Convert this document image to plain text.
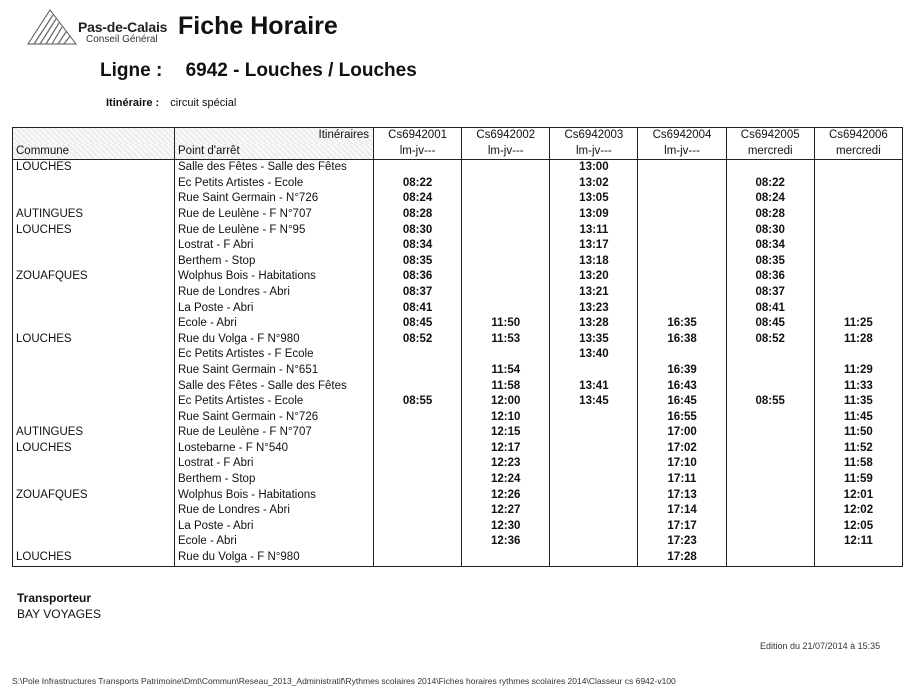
Pas-de-Calais
Conseil Général Fiche Horaire
Ligne : 6942 - Louches / Louches
Itinéraire : circuit spécial
	Itinéraires	Cs6942001	Cs6942002	Cs6942003	Cs6942004	Cs6942005	Cs6942006
Commune	Point d'arrêt	lm-jv---	lm-jv---	lm-jv---	lm-jv---	mercredi	mercredi
LOUCHES	Salle des Fêtes - Salle des Fêtes			13:00			
	Ec Petits Artistes - Ecole	08:22		13:02		08:22	
	Rue Saint Germain - N°726	08:24		13:05		08:24	
AUTINGUES	Rue de Leulène - F N°707	08:28		13:09		08:28	
LOUCHES	Rue de Leulène - F N°95	08:30		13:11		08:30	
	Lostrat - F Abri	08:34		13:17		08:34	
	Berthem - Stop	08:35		13:18		08:35	
ZOUAFQUES	Wolphus Bois - Habitations	08:36		13:20		08:36	
	Rue de Londres - Abri	08:37		13:21		08:37	
	La Poste - Abri	08:41		13:23		08:41	
	Ecole - Abri	08:45	11:50	13:28	16:35	08:45	11:25
LOUCHES	Rue du Volga - F N°980	08:52	11:53	13:35	16:38	08:52	11:28
	Ec Petits Artistes - F Ecole			13:40			
	Rue Saint Germain - N°651		11:54		16:39		11:29
	Salle des Fêtes - Salle des Fêtes		11:58	13:41	16:43		11:33
	Ec Petits Artistes - Ecole	08:55	12:00	13:45	16:45	08:55	11:35
	Rue Saint Germain - N°726		12:10		16:55		11:45
AUTINGUES	Rue de Leulène - F N°707		12:15		17:00		11:50
LOUCHES	Lostebarne - F N°540		12:17		17:02		11:52
	Lostrat - F Abri		12:23		17:10		11:58
	Berthem - Stop		12:24		17:11		11:59
ZOUAFQUES	Wolphus Bois - Habitations		12:26		17:13		12:01
	Rue de Londres - Abri		12:27		17:14		12:02
	La Poste - Abri		12:30		17:17		12:05
	Ecole - Abri		12:36		17:23		12:11
LOUCHES	Rue du Volga - F N°980				17:28		
Transporteur
BAY VOYAGES
Edition du 21/07/2014 à 15:35
S:\Pole Infrastructures Transports Patrimoine\Dmt\Commun\Reseau_2013_Administratif\Rythmes scolaires 2014\Fiches horaires rythmes scolaires 2014\Classeur cs 6942-v100
